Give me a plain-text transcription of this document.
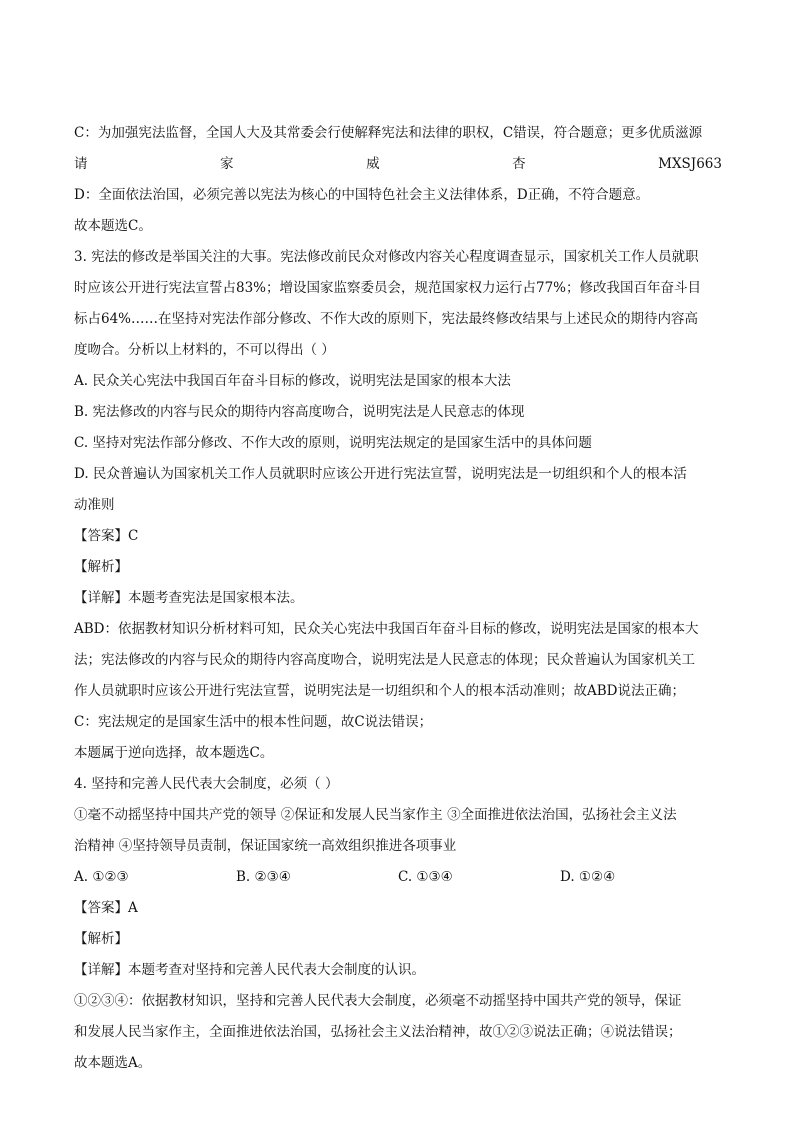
C：为加强宪法监督，全国人大及其常委会行使解释宪法和法律的职权，C错误，符合题意；更多优质滋源

请	家	威	杏	MXSJ663

D：全面依法治国，必须完善以宪法为核心的中国特色社会主义法律体系，D正确，不符合题意。

故本题选C。

3. 宪法的修改是举国关注的大事。宪法修改前民众对修改内容关心程度调查显示，国家机关工作人员就职

时应该公开进行宪法宣誓占83%；增设国家监察委员会，规范国家权力运行占77%；修改我国百年奋斗目

标占64%……在坚持对宪法作部分修改、不作大改的原则下，宪法最终修改结果与上述民众的期待内容高

度吻合。分析以上材料的，不可以得出（ ）

A. 民众关心宪法中我国百年奋斗目标的修改，说明宪法是国家的根本大法

B. 宪法修改的内容与民众的期待内容高度吻合，说明宪法是人民意志的体现

C. 坚持对宪法作部分修改、不作大改的原则，说明宪法规定的是国家生活中的具体问题

D. 民众普遍认为国家机关工作人员就职时应该公开进行宪法宣誓，说明宪法是一切组织和个人的根本活

动准则

【答案】C

【解析】

【详解】本题考查宪法是国家根本法。

ABD：依据教材知识分析材料可知，民众关心宪法中我国百年奋斗目标的修改，说明宪法是国家的根本大

法；宪法修改的内容与民众的期待内容高度吻合，说明宪法是人民意志的体现；民众普遍认为国家机关工

作人员就职时应该公开进行宪法宣誓，说明宪法是一切组织和个人的根本活动准则；故ABD说法正确；

C：宪法规定的是国家生活中的根本性问题，故C说法错误；

本题属于逆向选择，故本题选C。

4. 坚持和完善人民代表大会制度，必须（ ）

①毫不动摇坚持中国共产党的领导 ②保证和发展人民当家作主 ③全面推进依法治国，弘扬社会主义法

治精神 ④坚持领导员责制，保证国家统一高效组织推进各项事业

A. ①②③	B. ②③④	C. ①③④	D. ①②④

【答案】A

【解析】

【详解】本题考查对坚持和完善人民代表大会制度的认识。

①②③④：依据教材知识，坚持和完善人民代表大会制度，必须毫不动摇坚持中国共产党的领导，保证

和发展人民当家作主，全面推进依法治国，弘扬社会主义法治精神，故①②③说法正确；④说法错误；

故本题选A。
